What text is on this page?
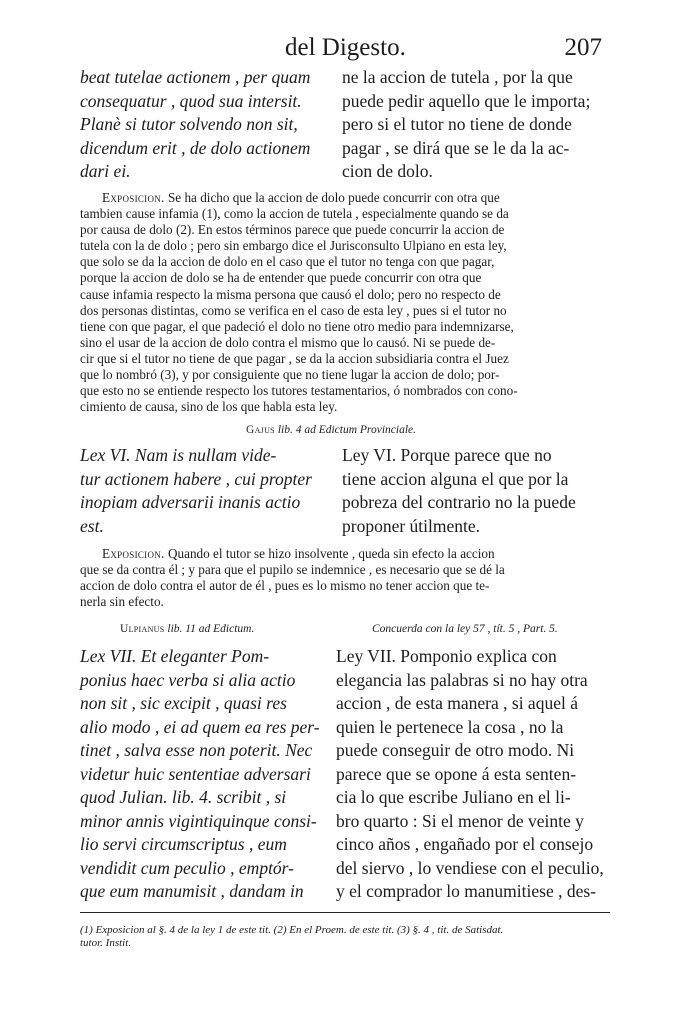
del Digesto.	207

beat tutelae actionem , per quam

consequatur , quod sua intersit.

Planè si tutor solvendo non sit,

dicendum erit , de dolo actionem

dari ei.

ne la accion de tutela , por la que

puede pedir aquello que le importa;

pero si el tutor no tiene de donde

pagar , se dirá que se le da la ac-

cion de dolo.

Exposicion. Se ha dicho que la accion de dolo puede concurrir con otra que

tambien cause infamia (1), como la accion de tutela , especialmente quando se da

por causa de dolo (2). En estos términos parece que puede concurrir la accion de

tutela con la de dolo ; pero sin embargo dice el Jurisconsulto Ulpiano en esta ley,

que solo se da la accion de dolo en el caso que el tutor no tenga con que pagar,

porque la accion de dolo se ha de entender que puede concurrir con otra que

cause infamia respecto la misma persona que causó el dolo; pero no respecto de

dos personas distintas, como se verifica en el caso de esta ley , pues si el tutor no

tiene con que pagar, el que padeció el dolo no tiene otro medio para indemnizarse,

sino el usar de la accion de dolo contra el mismo que lo causó. Ni se puede de-

cir que si el tutor no tiene de que pagar , se da la accion subsidiaria contra el Juez

que lo nombró (3), y por consiguiente que no tiene lugar la accion de dolo; por-

que esto no se entiende respecto los tutores testamentarios, ó nombrados con cono-

cimiento de causa, sino de los que habla esta ley.

Gajus lib. 4 ad Edictum Provinciale.

Lex VI. Nam is nullam vide-

tur actionem habere , cui propter

inopiam adversarii inanis actio

est.

Ley VI. Porque parece que no

tiene accion alguna el que por la

pobreza del contrario no la puede

proponer útilmente.

Exposicion. Quando el tutor se hizo insolvente , queda sin efecto la accion

que se da contra él ; y para que el pupilo se indemnice , es necesario que se dé la

accion de dolo contra el autor de él , pues es lo mismo no tener accion que te-

nerla sin efecto.

Ulpianus lib. 11 ad Edictum.	Concuerda con la ley 57 , tít. 5 , Part. 5.

Lex VII. Et eleganter Pom-

ponius haec verba si alia actio

non sit , sic excipit , quasi res

alio modo , ei ad quem ea res per-

tinet , salva esse non poterit. Nec

videtur huic sententiae adversari

quod Julian. lib. 4. scribit , si

minor annis vigintiquinque consi-

lio servi circumscriptus , eum

vendidit cum peculio , emptór-

que eum manumisit , dandam in

Ley VII. Pomponio explica con

elegancia las palabras si no hay otra

accion , de esta manera , si aquel á

quien le pertenece la cosa , no la

puede conseguir de otro modo. Ni

parece que se opone á esta senten-

cia lo que escribe Juliano en el li-

bro quarto : Si el menor de veinte y

cinco años , engañado por el consejo

del siervo , lo vendiese con el peculio,

y el comprador lo manumitiese , des-

(1) Exposicion al §. 4 de la ley 1 de este tit. (2) En el Proem. de este tit. (3) §. 4 , tit. de Satisdat.
tutor. Instit.
